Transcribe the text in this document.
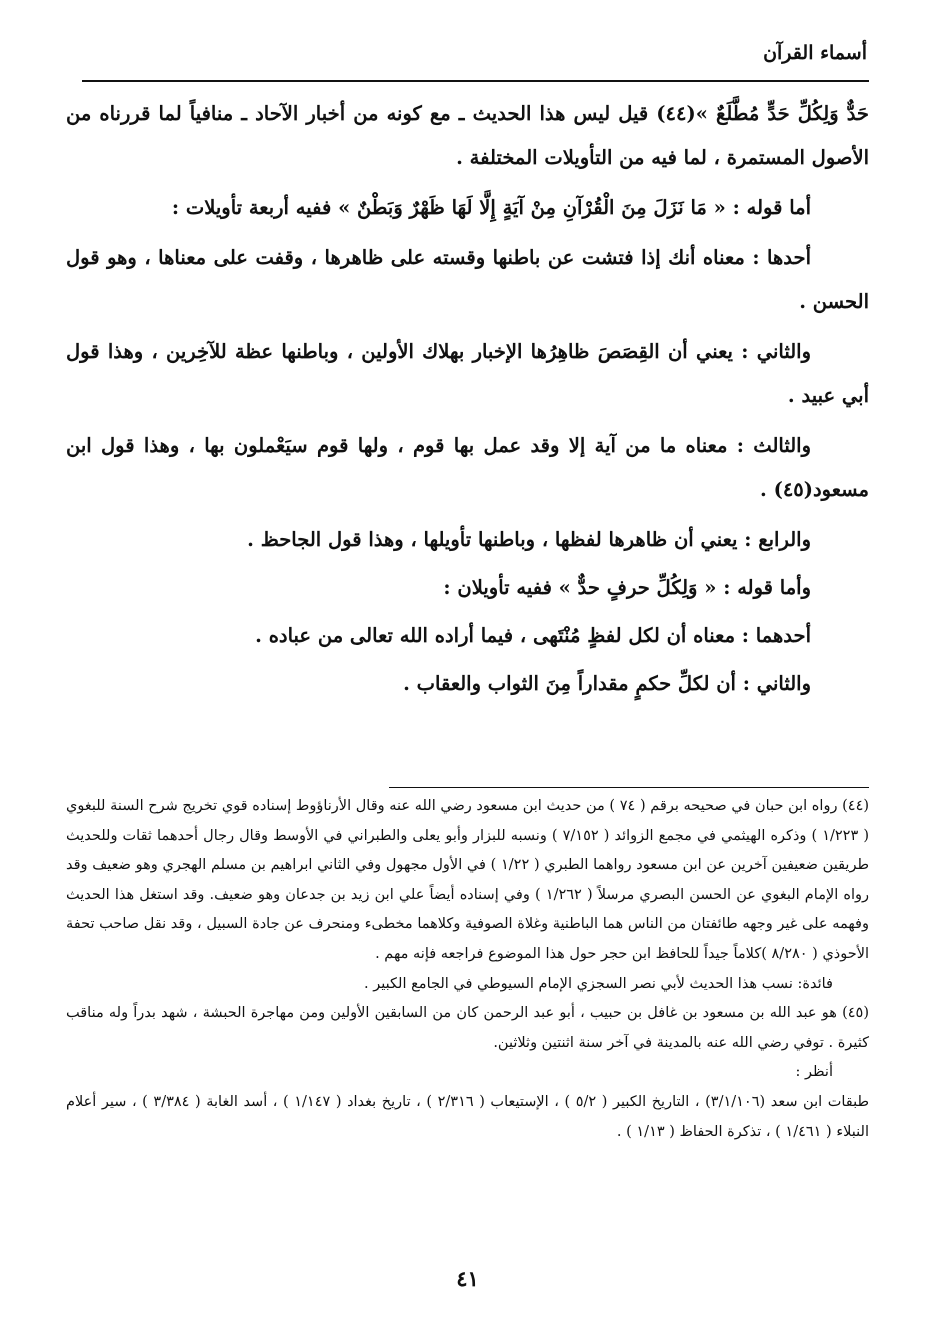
أسماء القرآن

حَدٌّ وَلِكُلِّ حَدٍّ مُطَّلَعٌ »(٤٤) قيل ليس هذا الحديث ـ مع كونه من أخبار الآحاد ـ منافياً لما قررناه من الأصول المستمرة ، لما فيه من التأويلات المختلفة .

أما قوله : « مَا نَزَلَ مِنَ الْقُرْآنِ مِنْ آيَةٍ إِلَّا لَهَا ظَهْرٌ وَبَطْنٌ » ففيه أربعة تأويلات :

أحدها : معناه أنك إذا فتشت عن باطنها وقسته على ظاهرها ، وقفت على معناها ، وهو قول الحسن .

والثاني : يعني أن القِصَصَ ظاهِرُها الإخبار بهلاك الأولين ، وباطنها عظة للآخِرين ، وهذا قول أبي عبيد .

والثالث : معناه ما من آية إلا وقد عمل بها قوم ، ولها قوم سيَعْملون بها ، وهذا قول ابن مسعود(٤٥) .

والرابع : يعني أن ظاهرها لفظها ، وباطنها تأويلها ، وهذا قول الجاحظ .

وأما قوله : « وَلِكُلِّ حرفٍ حدٌّ » ففيه تأويلان :

أحدهما : معناه أن لكل لفظٍ مُنْتَهى ، فيما أراده الله تعالى من عباده .

والثاني : أن لكلِّ حكمٍ مقداراً مِنَ الثواب والعقاب .

(٤٤) رواه ابن حبان في صحيحه برقم ( ٧٤ ) من حديث ابن مسعود رضي الله عنه وقال الأرناؤوط إسناده قوي تخريج شرح السنة للبغوي ( ١/٢٢٣ ) وذكره الهيثمي في مجمع الزوائد ( ٧/١٥٢ ) ونسبه للبزار وأبو يعلى والطبراني في الأوسط وقال رجال أحدهما ثقات وللحديث طريقين ضعيفين آخرين عن ابن مسعود رواهما الطبري ( ١/٢٢ ) في الأول مجهول وفي الثاني ابراهيم بن مسلم الهجري وهو ضعيف وقد رواه الإمام البغوي عن الحسن البصري مرسلاً ( ١/٢٦٢ ) وفي إسناده أيضاً علي ابن زيد بن جدعان وهو ضعيف. وقد استغل هذا الحديث وفهمه على غير وجهه طائفتان من الناس هما الباطنية وغلاة الصوفية وكلاهما مخطىء ومنحرف عن جادة السبيل ، وقد نقل صاحب تحفة الأحوذي ( ٨/٢٨٠ )كلاماً جيداً للحافظ ابن حجر حول هذا الموضوع فراجعه فإنه مهم .

فائدة: نسب هذا الحديث لأبي نصر السجزي الإمام السيوطي في الجامع الكبير .

(٤٥) هو عبد الله بن مسعود بن غافل بن حبيب ، أبو عبد الرحمن كان من السابقين الأولين ومن مهاجرة الحبشة ، شهد بدراً وله مناقب كثيرة . توفي رضي الله عنه بالمدينة في آخر سنة اثنتين وثلاثين.

أنظر :

طبقات ابن سعد (٣/١/١٠٦) ، التاريخ الكبير ( ٥/٢ ) ، الإستيعاب ( ٢/٣١٦ ) ، تاريخ بغداد ( ١/١٤٧ ) ، أسد الغابة ( ٣/٣٨٤ ) ، سير أعلام النبلاء ( ١/٤٦١ ) ، تذكرة الحفاظ ( ١/١٣ ) .

٤١
